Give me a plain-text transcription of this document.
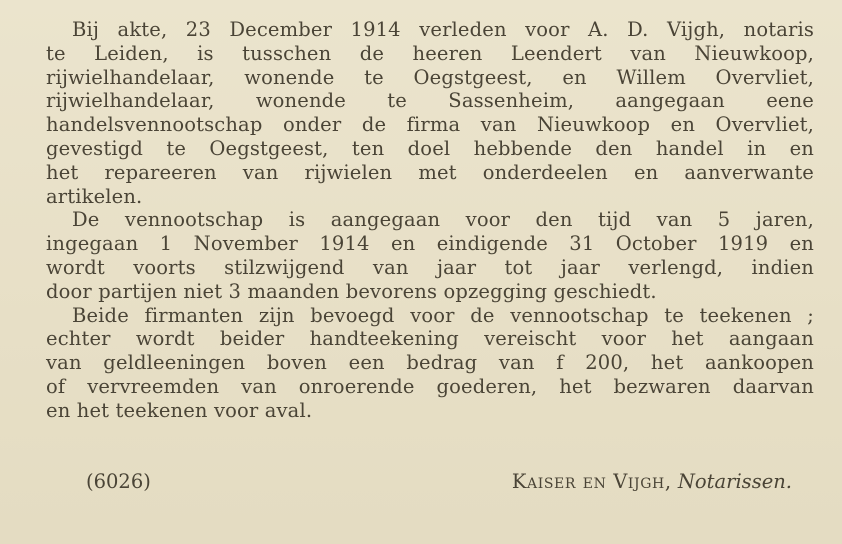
Bij akte, 23 December 1914 verleden voor A. D. Vijgh, notaris
te Leiden, is tusschen de heeren Leendert van Nieuwkoop,
rijwielhandelaar, wonende te Oegstgeest, en Willem Overvliet,
rijwielhandelaar, wonende te Sassenheim, aangegaan eene
handelsvennootschap onder de firma van Nieuwkoop en Overvliet,
gevestigd te Oegstgeest, ten doel hebbende den handel in en
het repareeren van rijwielen met onderdeelen en aanverwante
artikelen.

De vennootschap is aangegaan voor den tijd van 5 jaren,
ingegaan 1 November 1914 en eindigende 31 October 1919 en
wordt voorts stilzwijgend van jaar tot jaar verlengd, indien
door partijen niet 3 maanden bevorens opzegging geschiedt.

Beide firmanten zijn bevoegd voor de vennootschap te teekenen ;
echter wordt beider handteekening vereischt voor het aangaan
van geldleeningen boven een bedrag van f 200, het aankoopen
of vervreemden van onroerende goederen, het bezwaren daarvan
en het teekenen voor aval.

(6026)	Kaiser en Vijgh, Notarissen.
